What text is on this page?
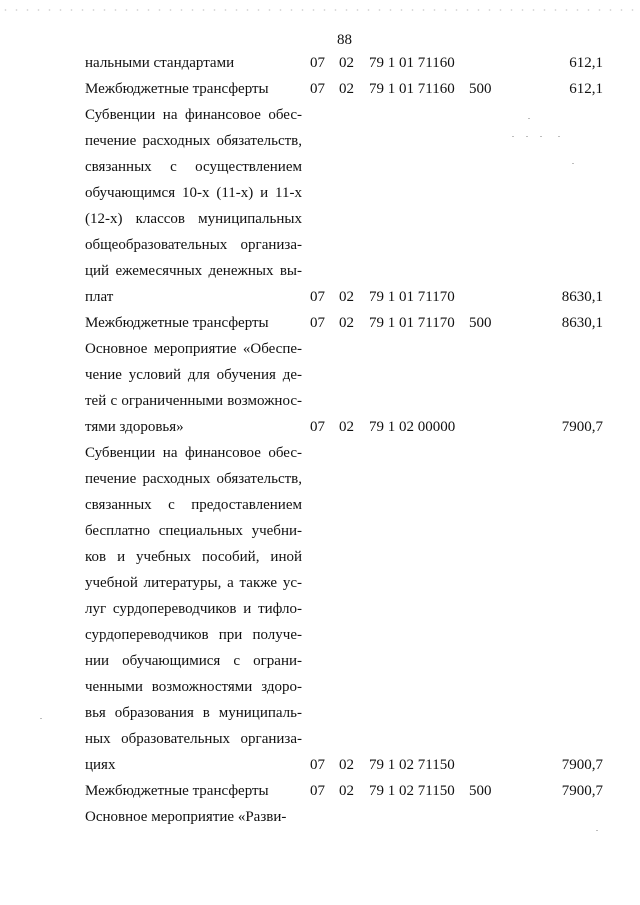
88
нальными стандартами	07 02 79 1 01 71160	612,1
Межбюджетные трансферты	07 02 79 1 01 71160 500	612,1
Субвенции на финансовое обес-
печение расходных обязательств,
связанных с осуществлением
обучающимся 10-х (11-х) и 11-х
(12-х) классов муниципальных
общеобразовательных организа-
ций ежемесячных денежных вы-
плат	07 02 79 1 01 71170	8630,1
Межбюджетные трансферты	07 02 79 1 01 71170 500	8630,1
Основное мероприятие «Обеспе-
чение условий для обучения де-
тей с ограниченными возможнос-
тями здоровья»	07 02 79 1 02 00000	7900,7
Субвенции на финансовое обес-
печение расходных обязательств,
связанных с предоставлением
бесплатно специальных учебни-
ков и учебных пособий, иной
учебной литературы, а также ус-
луг сурдопереводчиков и тифло-
сурдопереводчиков при получе-
нии обучающимися с ограни-
ченными возможностями здоро-
вья образования в муниципаль-
ных образовательных организа-
циях	07 02 79 1 02 71150	7900,7
Межбюджетные трансферты	07 02 79 1 02 71150 500	7900,7
Основное мероприятие «Разви-
